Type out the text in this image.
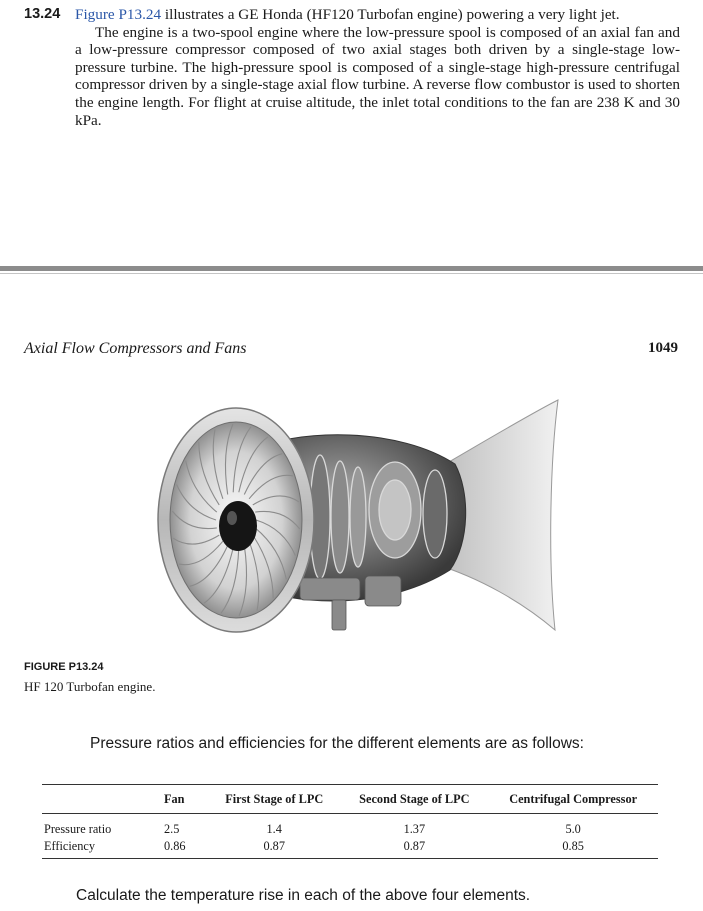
13.24 Figure P13.24 illustrates a GE Honda (HF120 Turbofan engine) powering a very light jet.
The engine is a two-spool engine where the low-pressure spool is composed of an axial fan and a low-pressure compressor composed of two axial stages both driven by a single-stage low-pressure turbine. The high-pressure spool is composed of a single-stage high-pressure centrifugal compressor driven by a single-stage axial flow turbine. A reverse flow combustor is used to shorten the engine length. For flight at cruise altitude, the inlet total conditions to the fan are 238 K and 30 kPa.
Axial Flow Compressors and Fans	1049
FIGURE P13.24
HF 120 Turbofan engine.
Pressure ratios and efficiencies for the different elements are as follows:
	Fan	First Stage of LPC	Second Stage of LPC	Centrifugal Compressor
Pressure ratio	2.5	1.4	1.37	5.0
Efficiency	0.86	0.87	0.87	0.85
Calculate the temperature rise in each of the above four elements.
